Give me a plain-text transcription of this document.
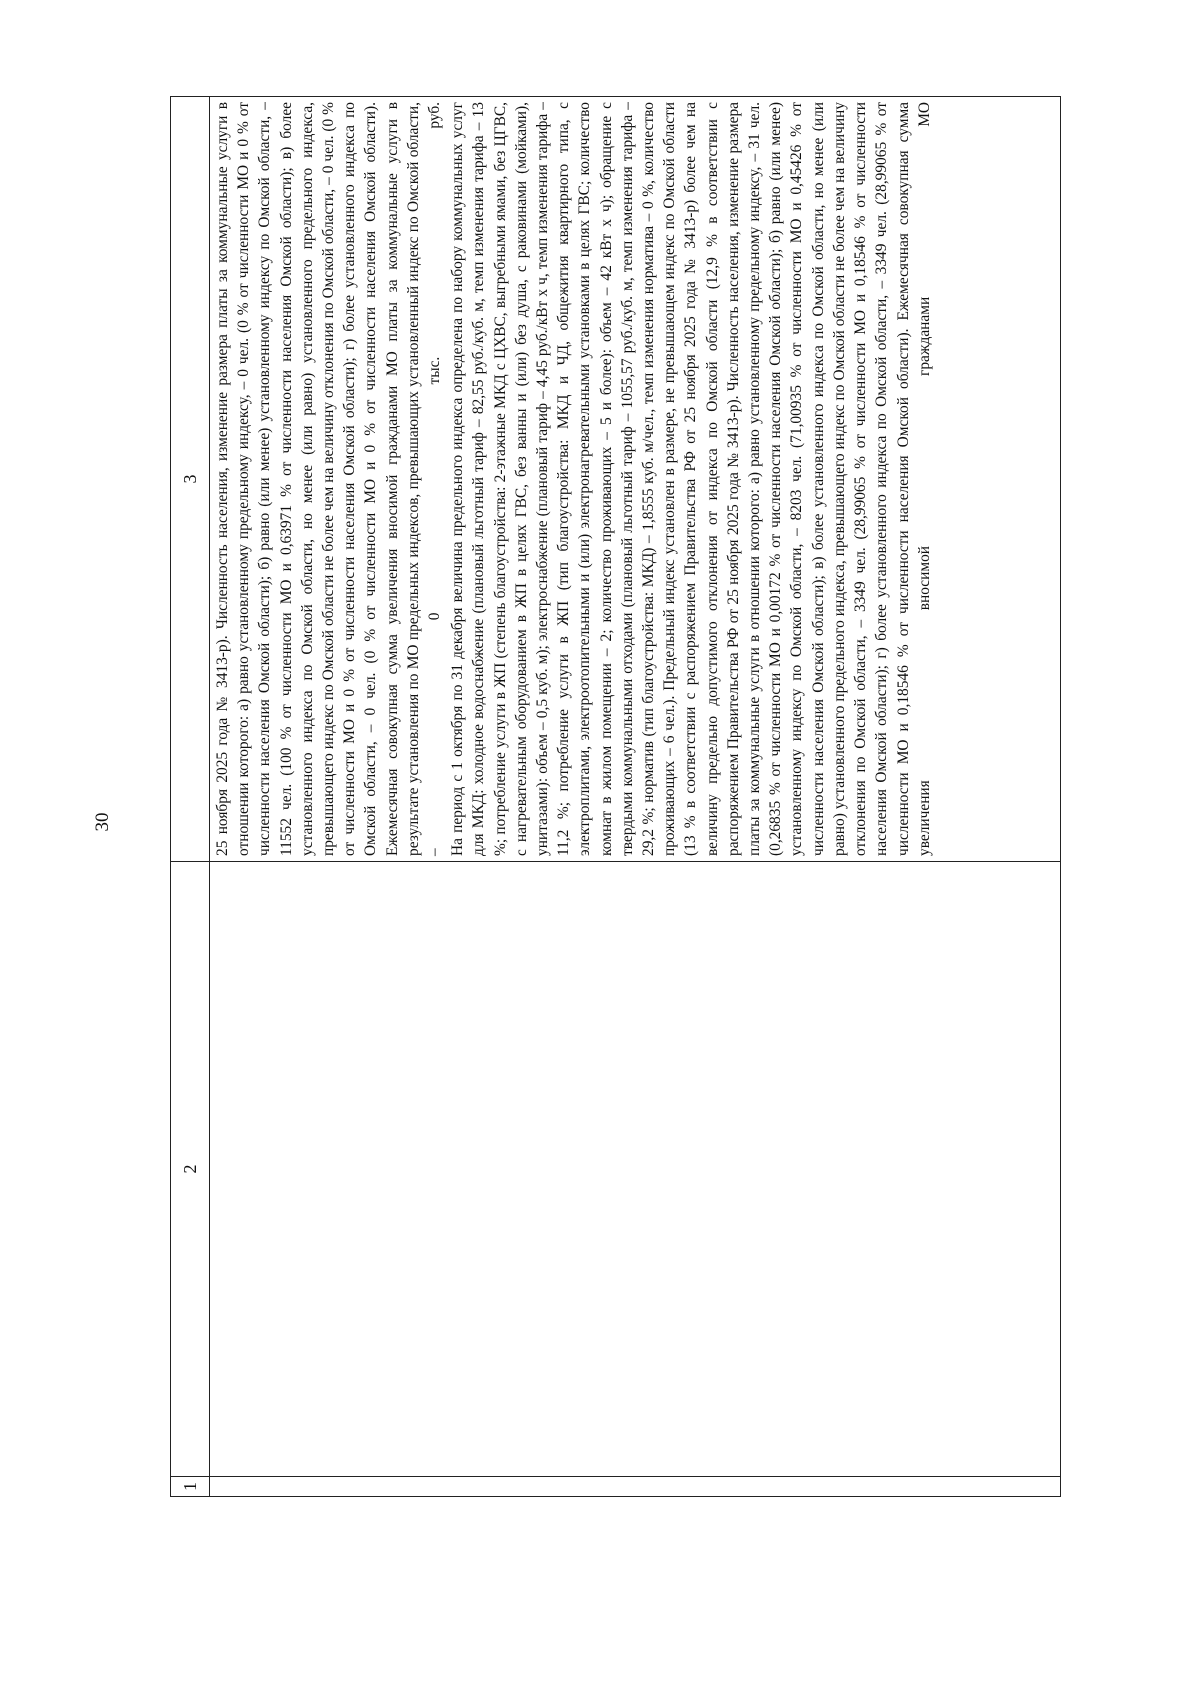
30
1	2	3

		25 ноября 2025 года № 3413-р). Численность населения, изменение размера платы за коммунальные услуги в отношении которого: а) равно установленному предельному индексу, – 0 чел. (0 % от численности МО и 0 % от численности населения Омской области); б) равно (или менее) установленному индексу по Омской области, – 11552 чел. (100 % от численности МО и 0,63971 % от численности населения Омской области); в) более установленного индекса по Омской области, но менее (или равно) установленного предельного индекса, превышающего индекс по Омской области не более чем на величину отклонения по Омской области, – 0 чел. (0 % от численности МО и 0 % от численности населения Омской области); г) более установленного индекса по Омской области, – 0 чел. (0 % от численности МО и 0 % от численности населения Омской области). Ежемесячная совокупная сумма увеличения вносимой гражданами МО платы за коммунальные услуги в результате установления по МО предельных индексов, превышающих установленный индекс по Омской области, – 0 тыс. руб. На период с 1 октября по 31 декабря величина предельного индекса определена по набору коммунальных услуг для МКД: холодное водоснабжение (плановый льготный тариф – 82,55 руб./куб. м, темп изменения тарифа – 13 %; потребление услуги в ЖП (степень благоустройства: 2-этажные МКД с ЦХВС, выгребными ямами, без ЦГВС, с нагревательным оборудованием в ЖП в целях ГВС, без ванны и (или) без душа, с раковинами (мойками), унитазами): объем – 0,5 куб. м); электроснабжение (плановый тариф – 4,45 руб./кВт х ч, темп изменения тарифа – 11,2 %; потребление услуги в ЖП (тип благоустройства: МКД и ЧД, общежития квартирного типа, с электроплитами, электроотопительными и (или) электронагревательными установками в целях ГВС; количество комнат в жилом помещении – 2; количество проживающих – 5 и более): объем – 42 кВт х ч); обращение с твердыми коммунальными отходами (плановый льготный тариф – 1055,57 руб./куб. м, темп изменения тарифа – 29,2 %; норматив (тип благоустройства: МКД) – 1,8555 куб. м/чел., темп изменения норматива – 0 %, количество проживающих – 6 чел.). Предельный индекс установлен в размере, не превышающем индекс по Омской области (13 % в соответствии с распоряжением Правительства РФ от 25 ноября 2025 года № 3413-р) более чем на величину предельно допустимого отклонения от индекса по Омской области (12,9 % в соответствии с распоряжением Правительства РФ от 25 ноября 2025 года № 3413-р). Численность населения, изменение размера платы за коммунальные услуги в отношении которого: а) равно установленному предельному индексу, – 31 чел. (0,26835 % от численности МО и 0,00172 % от численности населения Омской области); б) равно (или менее) установленному индексу по Омской области, – 8203 чел. (71,00935 % от численности МО и 0,45426 % от численности населения Омской области); в) более установленного индекса по Омской области, но менее (или равно) установленного предельного индекса, превышающего индекс по Омской области не более чем на величину отклонения по Омской области, – 3349 чел. (28,99065 % от численности МО и 0,18546 % от численности населения Омской области); г) более установленного индекса по Омской области, – 3349 чел. (28,99065 % от численности МО и 0,18546 % от численности населения Омской области). Ежемесячная совокупная сумма увеличения вносимой гражданами МО
